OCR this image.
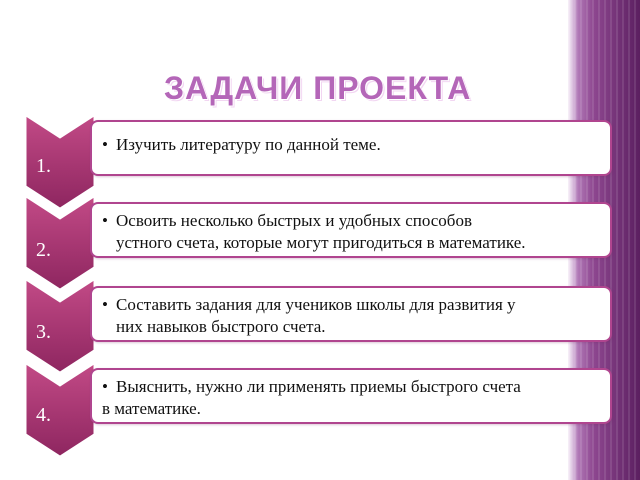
ЗАДАЧИ ПРОЕКТА
1.
• Изучить литературу по данной теме.
2.
• Освоить несколько быстрых и удобных способов
устного счета, которые могут пригодиться в математике.
3.
• Составить задания для учеников школы для развития у
них навыков быстрого счета.
4.
• Выяснить, нужно ли применять приемы быстрого счета
в математике.
